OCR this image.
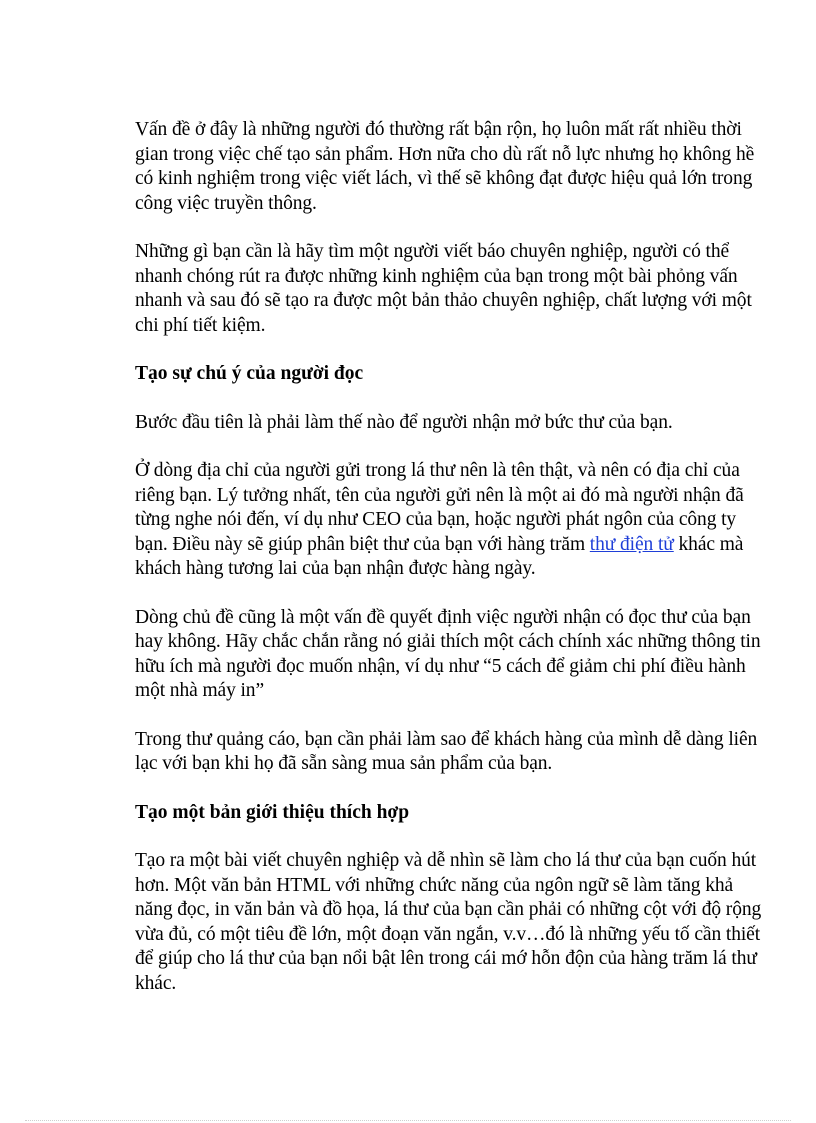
Vấn đề ở đây là những người đó thường rất bận rộn, họ luôn mất rất nhiều thời gian trong việc chế tạo sản phẩm. Hơn nữa cho dù rất nỗ lực nhưng họ không hề có kinh nghiệm trong việc viết lách, vì thế sẽ không đạt được hiệu quả lớn trong công việc truyền thông.

Những gì bạn cần là hãy tìm một người viết báo chuyên nghiệp, người có thể nhanh chóng rút ra được những kinh nghiệm của bạn trong một bài phỏng vấn nhanh và sau đó sẽ tạo ra được một bản thảo chuyên nghiệp, chất lượng với một chi phí tiết kiệm.

Tạo sự chú ý của người đọc

Bước đầu tiên là phải làm thế nào để người nhận mở bức thư của bạn.

Ở dòng địa chỉ của người gửi trong lá thư nên là tên thật, và nên có địa chỉ của riêng bạn. Lý tưởng nhất, tên của người gửi nên là một ai đó mà người nhận đã từng nghe nói đến, ví dụ như CEO của bạn, hoặc người phát ngôn của công ty bạn. Điều này sẽ giúp phân biệt thư của bạn với hàng trăm thư điện tử khác mà khách hàng tương lai của bạn nhận được hàng ngày.

Dòng chủ đề cũng là một vấn đề quyết định việc người nhận có đọc thư của bạn hay không. Hãy chắc chắn rằng nó giải thích một cách chính xác những thông tin hữu ích mà người đọc muốn nhận, ví dụ như “5 cách để giảm chi phí điều hành một nhà máy in”

Trong thư quảng cáo, bạn cần phải làm sao để khách hàng của mình dễ dàng liên lạc với bạn khi họ đã sẵn sàng mua sản phẩm của bạn.

Tạo một bản giới thiệu thích hợp

Tạo ra một bài viết chuyên nghiệp và dễ nhìn sẽ làm cho lá thư của bạn cuốn hút hơn. Một văn bản HTML với những chức năng của ngôn ngữ sẽ làm tăng khả năng đọc, in văn bản và đồ họa, lá thư của bạn cần phải có những cột với độ rộng vừa đủ, có một tiêu đề lớn, một đoạn văn ngắn, v.v…đó là những yếu tố cần thiết để giúp cho lá thư của bạn nổi bật lên trong cái mớ hỗn độn của hàng trăm lá thư khác.
